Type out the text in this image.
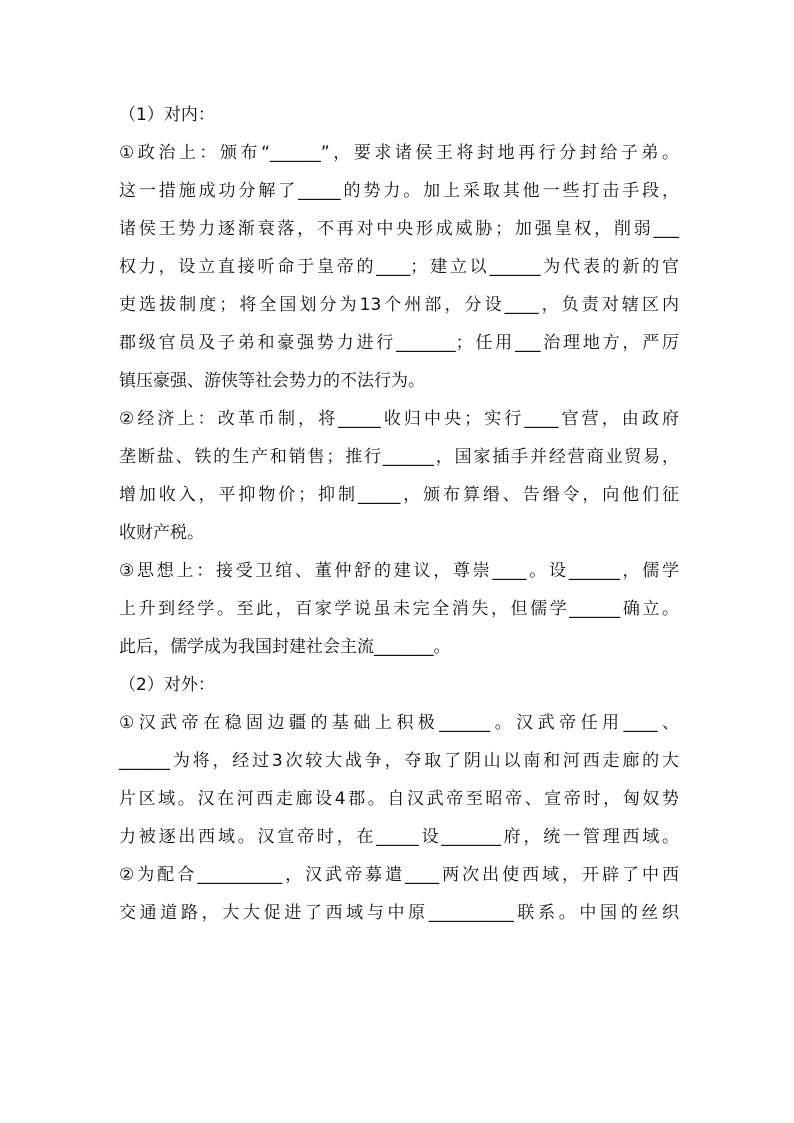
（1）对内：
①政治上：颁布“______”，要求诸侯王将封地再行分封给子弟。
这一措施成功分解了_____的势力。加上采取其他一些打击手段，
诸侯王势力逐渐衰落，不再对中央形成威胁；加强皇权，削弱___
权力，设立直接听命于皇帝的____；建立以______为代表的新的官
吏选拔制度；将全国划分为13个州部，分设____，负责对辖区内
郡级官员及子弟和豪强势力进行_______；任用___治理地方，严厉
镇压豪强、游侠等社会势力的不法行为。
②经济上：改革币制，将_____收归中央；实行____官营，由政府
垄断盐、铁的生产和销售；推行______，国家插手并经营商业贸易，
增加收入，平抑物价；抑制_____，颁布算缗、告缗令，向他们征
收财产税。
③思想上：接受卫绾、董仲舒的建议，尊崇____。设______，儒学
上升到经学。至此，百家学说虽未完全消失，但儒学______确立。
此后，儒学成为我国封建社会主流_______。
（2）对外：
①汉武帝在稳固边疆的基础上积极______。汉武帝任用____、
______为将，经过3次较大战争，夺取了阴山以南和河西走廊的大
片区域。汉在河西走廊设4郡。自汉武帝至昭帝、宣帝时，匈奴势
力被逐出西域。汉宣帝时，在_____设_______府，统一管理西域。
②为配合__________，汉武帝募遣____两次出使西域，开辟了中西
交通道路，大大促进了西域与中原__________联系。中国的丝织
